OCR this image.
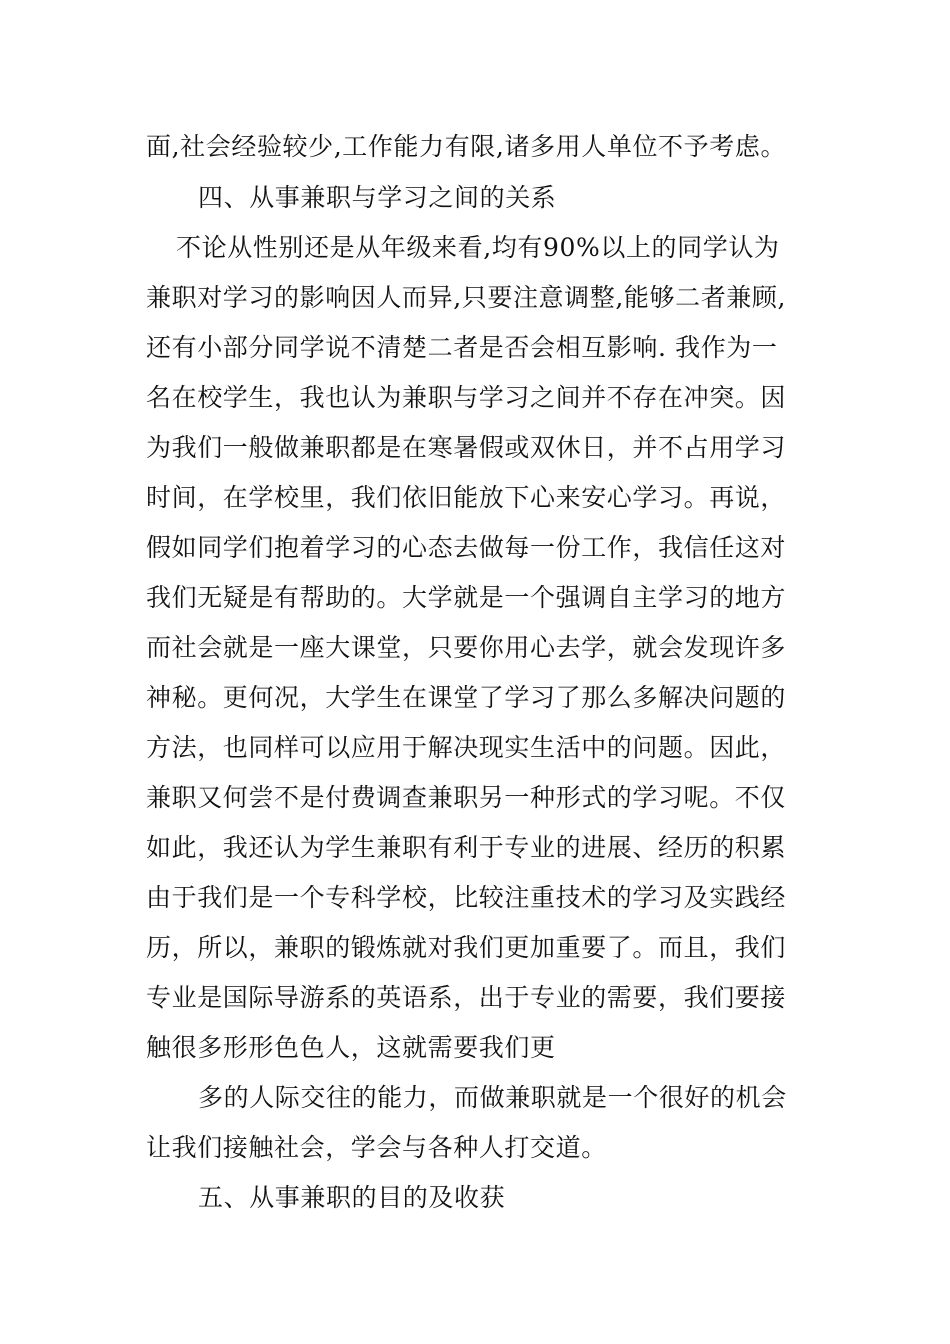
面,社会经验较少,工作能力有限,诸多用人单位不予考虑。
四、从事兼职与学习之间的关系
不论从性别还是从年级来看,均有90%以上的同学认为
兼职对学习的影响因人而异,只要注意调整,能够二者兼顾,
还有小部分同学说不清楚二者是否会相互影响. 我作为一
名在校学生，我也认为兼职与学习之间并不存在冲突。因
为我们一般做兼职都是在寒暑假或双休日，并不占用学习
时间，在学校里，我们依旧能放下心来安心学习。再说，
假如同学们抱着学习的心态去做每一份工作，我信任这对
我们无疑是有帮助的。大学就是一个强调自主学习的地方
而社会就是一座大课堂，只要你用心去学，就会发现许多
神秘。更何况，大学生在课堂了学习了那么多解决问题的
方法，也同样可以应用于解决现实生活中的问题。因此，
兼职又何尝不是付费调查兼职另一种形式的学习呢。不仅
如此，我还认为学生兼职有利于专业的进展、经历的积累
由于我们是一个专科学校，比较注重技术的学习及实践经
历，所以，兼职的锻炼就对我们更加重要了。而且，我们
专业是国际导游系的英语系，出于专业的需要，我们要接
触很多形形色色人，这就需要我们更
多的人际交往的能力，而做兼职就是一个很好的机会
让我们接触社会，学会与各种人打交道。
五、从事兼职的目的及收获
